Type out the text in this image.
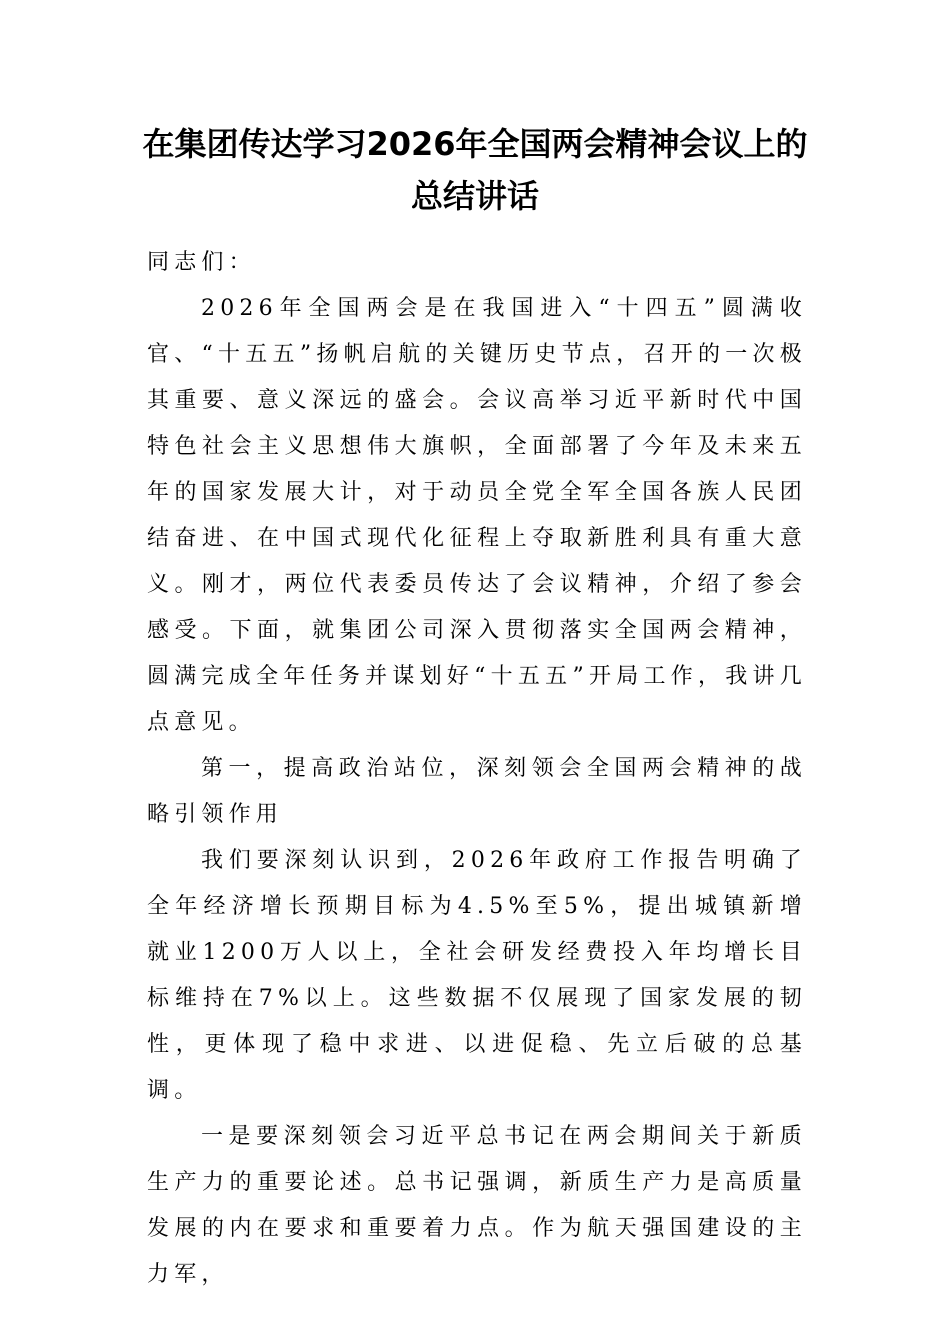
在集团传达学习2026年全国两会精神会议上的总结讲话

同志们：

2026年全国两会是在我国进入“十四五”圆满收官、“十五五”扬帆启航的关键历史节点，召开的一次极其重要、意义深远的盛会。会议高举习近平新时代中国特色社会主义思想伟大旗帜，全面部署了今年及未来五年的国家发展大计，对于动员全党全军全国各族人民团结奋进、在中国式现代化征程上夺取新胜利具有重大意义。刚才，两位代表委员传达了会议精神，介绍了参会感受。下面，就集团公司深入贯彻落实全国两会精神，圆满完成全年任务并谋划好“十五五”开局工作，我讲几点意见。

第一，提高政治站位，深刻领会全国两会精神的战略引领作用

我们要深刻认识到，2026年政府工作报告明确了全年经济增长预期目标为4.5%至5%，提出城镇新增就业1200万人以上，全社会研发经费投入年均增长目标维持在7%以上。这些数据不仅展现了国家发展的韧性，更体现了稳中求进、以进促稳、先立后破的总基调。

一是要深刻领会习近平总书记在两会期间关于新质生产力的重要论述。总书记强调，新质生产力是高质量发展的内在要求和重要着力点。作为航天强国建设的主力军，
